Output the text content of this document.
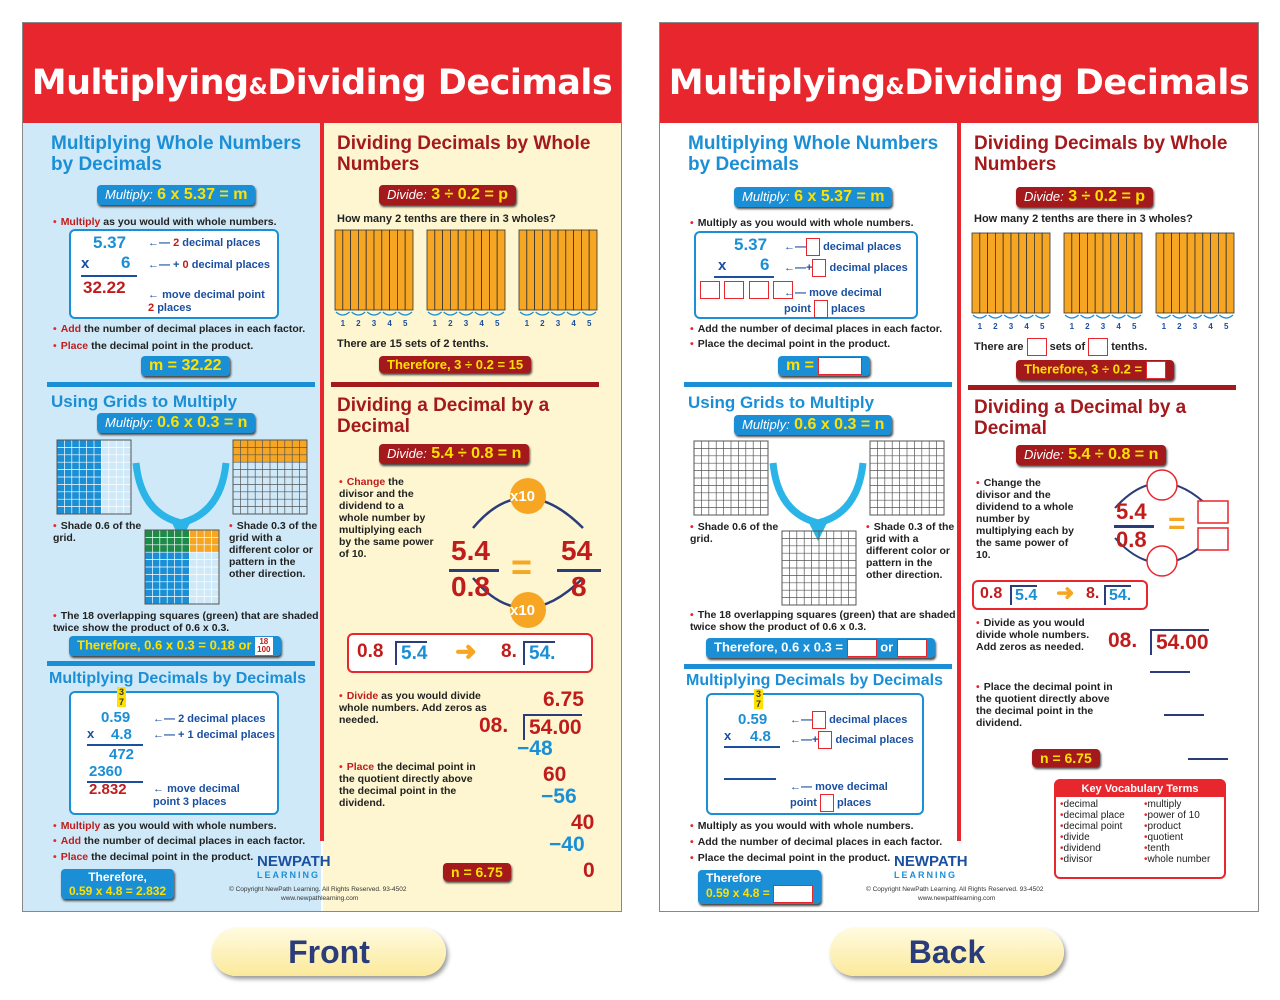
Multiplying&Dividing Decimals
Multiplying Whole Numbers by Decimals
Multiply: 6 x 5.37 = m
• Multiply as you would with whole numbers.
5.37
x 6
32.22
←— 2 decimal places
←— + 0 decimal places
← move decimal point 2 places
• Add the number of decimal places in each factor.
• Place the decimal point in the product.
m = 32.22
Using Grids to Multiply
Multiply: 0.6 x 0.3 = n
• Shade 0.6 of the grid.
• Shade 0.3 of the grid with a different color or pattern in the other direction.
• The 18 overlapping squares (green) that are shaded twice show the product of 0.6 x 0.3.
Therefore, 0.6 x 0.3 = 0.18 or 18
100
Multiplying Decimals by Decimals
3
7
0.59
x 4.8
472
2360
2.832
←— 2 decimal places
←— + 1 decimal places
← move decimal point 3 places
• Multiply as you would with whole numbers.
• Add the number of decimal places in each factor.
• Place the decimal point in the product.
Therefore,
0.59 x 4.8 = 2.832
Dividing Decimals by Whole Numbers
Divide: 3 ÷ 0.2 = p
How many 2 tenths are there in 3 wholes?
1 2 3 4 5	1 2 3 4 5	1 2 3 4 5
There are 15 sets of 2 tenths.
Therefore, 3 ÷ 0.2 = 15
Dividing a Decimal by a Decimal
Divide: 5.4 ÷ 0.8 = n
• Change the divisor and the dividend to a whole number by multiplying each by the same power of 10.
x10
x10
5.4
0.8 = 54
8
0.8 5.4 ➜ 8. 54.
• Divide as you would divide whole numbers. Add zeros as needed.
• Place the decimal point in the quotient directly above the decimal point in the dividend.
6.75
08. 54.00
−48
60
−56
40
−40
0
n = 6.75
NEWPATH
LEARNING
© Copyright NewPath Learning. All Rights Reserved. 93-4502
www.newpathlearning.com
Multiplying&Dividing Decimals
Multiplying Whole Numbers by Decimals
Multiply: 6 x 5.37 = m
• Multiply as you would with whole numbers.
5.37
x 6

←— decimal places
←—+ decimal places
←— move decimal
point places
• Add the number of decimal places in each factor.
• Place the decimal point in the product.
m =
Using Grids to Multiply
Multiply: 0.6 x 0.3 = n
• Shade 0.6 of the grid.
• Shade 0.3 of the grid with a different color or pattern in the other direction.
• The 18 overlapping squares (green) that are shaded twice show the product of 0.6 x 0.3.
Therefore, 0.6 x 0.3 =	or
Multiplying Decimals by Decimals
3
7
0.59
x 4.8
←— decimal places
←—+ decimal places
←— move decimal
point places
• Multiply as you would with whole numbers.
• Add the number of decimal places in each factor.
• Place the decimal point in the product.
Therefore
0.59 x 4.8 =
Dividing Decimals by Whole Numbers
Divide: 3 ÷ 0.2 = p
How many 2 tenths are there in 3 wholes?
1 2 3 4 5	1 2 3 4 5	1 2 3 4 5
There are sets of tenths.
Therefore, 3 ÷ 0.2 =
Dividing a Decimal by a Decimal
Divide: 5.4 ÷ 0.8 = n
• Change the divisor and the dividend to a whole number by multiplying each by the same power of 10.
5.4
0.8 =
0.8 5.4 ➜ 8. 54.
• Divide as you would divide whole numbers. Add zeros as needed.	08. 54.00
• Place the decimal point in the quotient directly above the decimal point in the dividend.
n = 6.75
Key Vocabulary Terms
• decimal
• decimal place
• decimal point
• divide
• dividend
• divisor
• multiply
• power of 10
• product
• quotient
• tenth
• whole number
NEWPATH
LEARNING
© Copyright NewPath Learning. All Rights Reserved. 93-4502
www.newpathlearning.com
Front	Back
